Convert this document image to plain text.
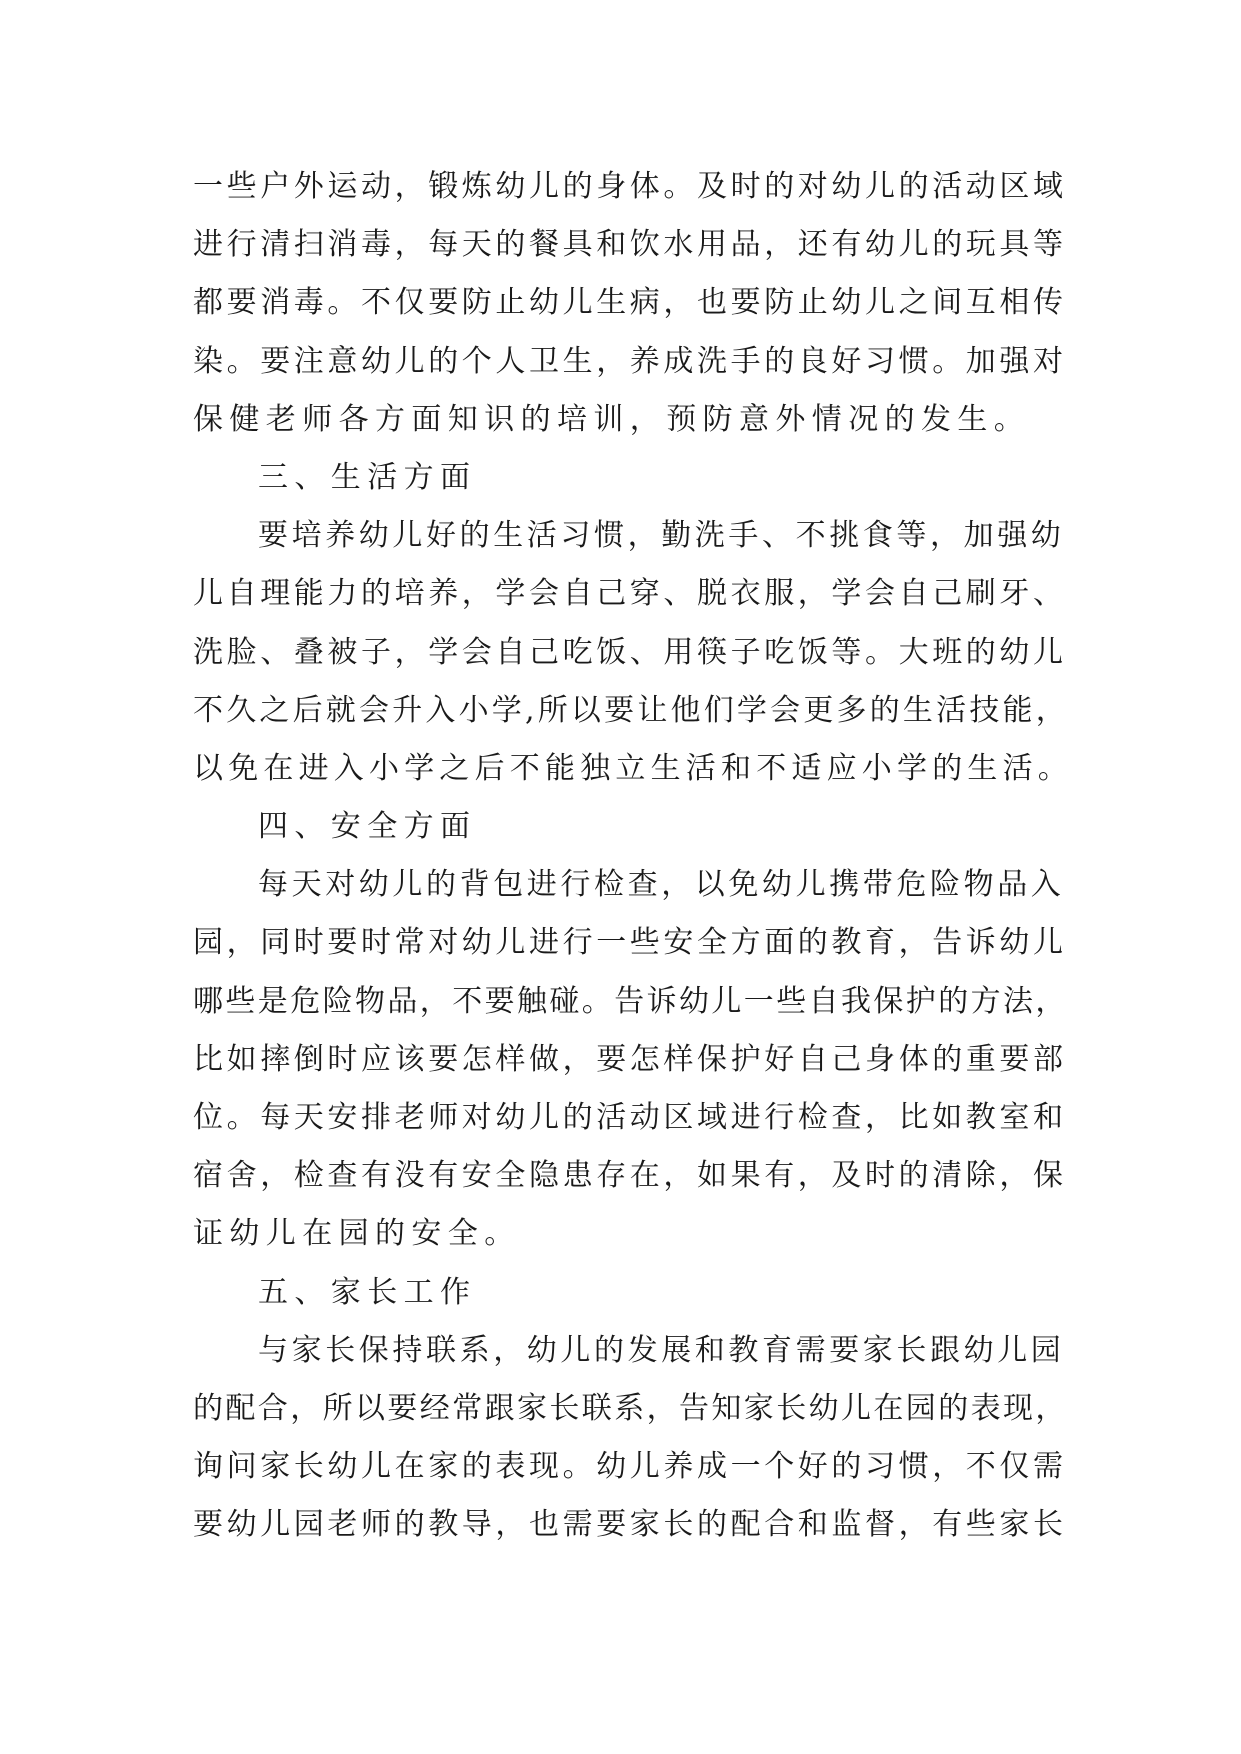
一些户外运动，锻炼幼儿的身体。及时的对幼儿的活动区域
进行清扫消毒，每天的餐具和饮水用品，还有幼儿的玩具等
都要消毒。不仅要防止幼儿生病，也要防止幼儿之间互相传
染。要注意幼儿的个人卫生，养成洗手的良好习惯。加强对
保健老师各方面知识的培训，预防意外情况的发生。
三、生活方面
要培养幼儿好的生活习惯，勤洗手、不挑食等，加强幼
儿自理能力的培养，学会自己穿、脱衣服，学会自己刷牙、
洗脸、叠被子，学会自己吃饭、用筷子吃饭等。大班的幼儿
不久之后就会升入小学,所以要让他们学会更多的生活技能，
以免在进入小学之后不能独立生活和不适应小学的生活。
四、安全方面
每天对幼儿的背包进行检查，以免幼儿携带危险物品入
园，同时要时常对幼儿进行一些安全方面的教育，告诉幼儿
哪些是危险物品，不要触碰。告诉幼儿一些自我保护的方法，
比如摔倒时应该要怎样做，要怎样保护好自己身体的重要部
位。每天安排老师对幼儿的活动区域进行检查，比如教室和
宿舍，检查有没有安全隐患存在，如果有，及时的清除，保
证幼儿在园的安全。
五、家长工作
与家长保持联系，幼儿的发展和教育需要家长跟幼儿园
的配合，所以要经常跟家长联系，告知家长幼儿在园的表现，
询问家长幼儿在家的表现。幼儿养成一个好的习惯，不仅需
要幼儿园老师的教导，也需要家长的配合和监督，有些家长
